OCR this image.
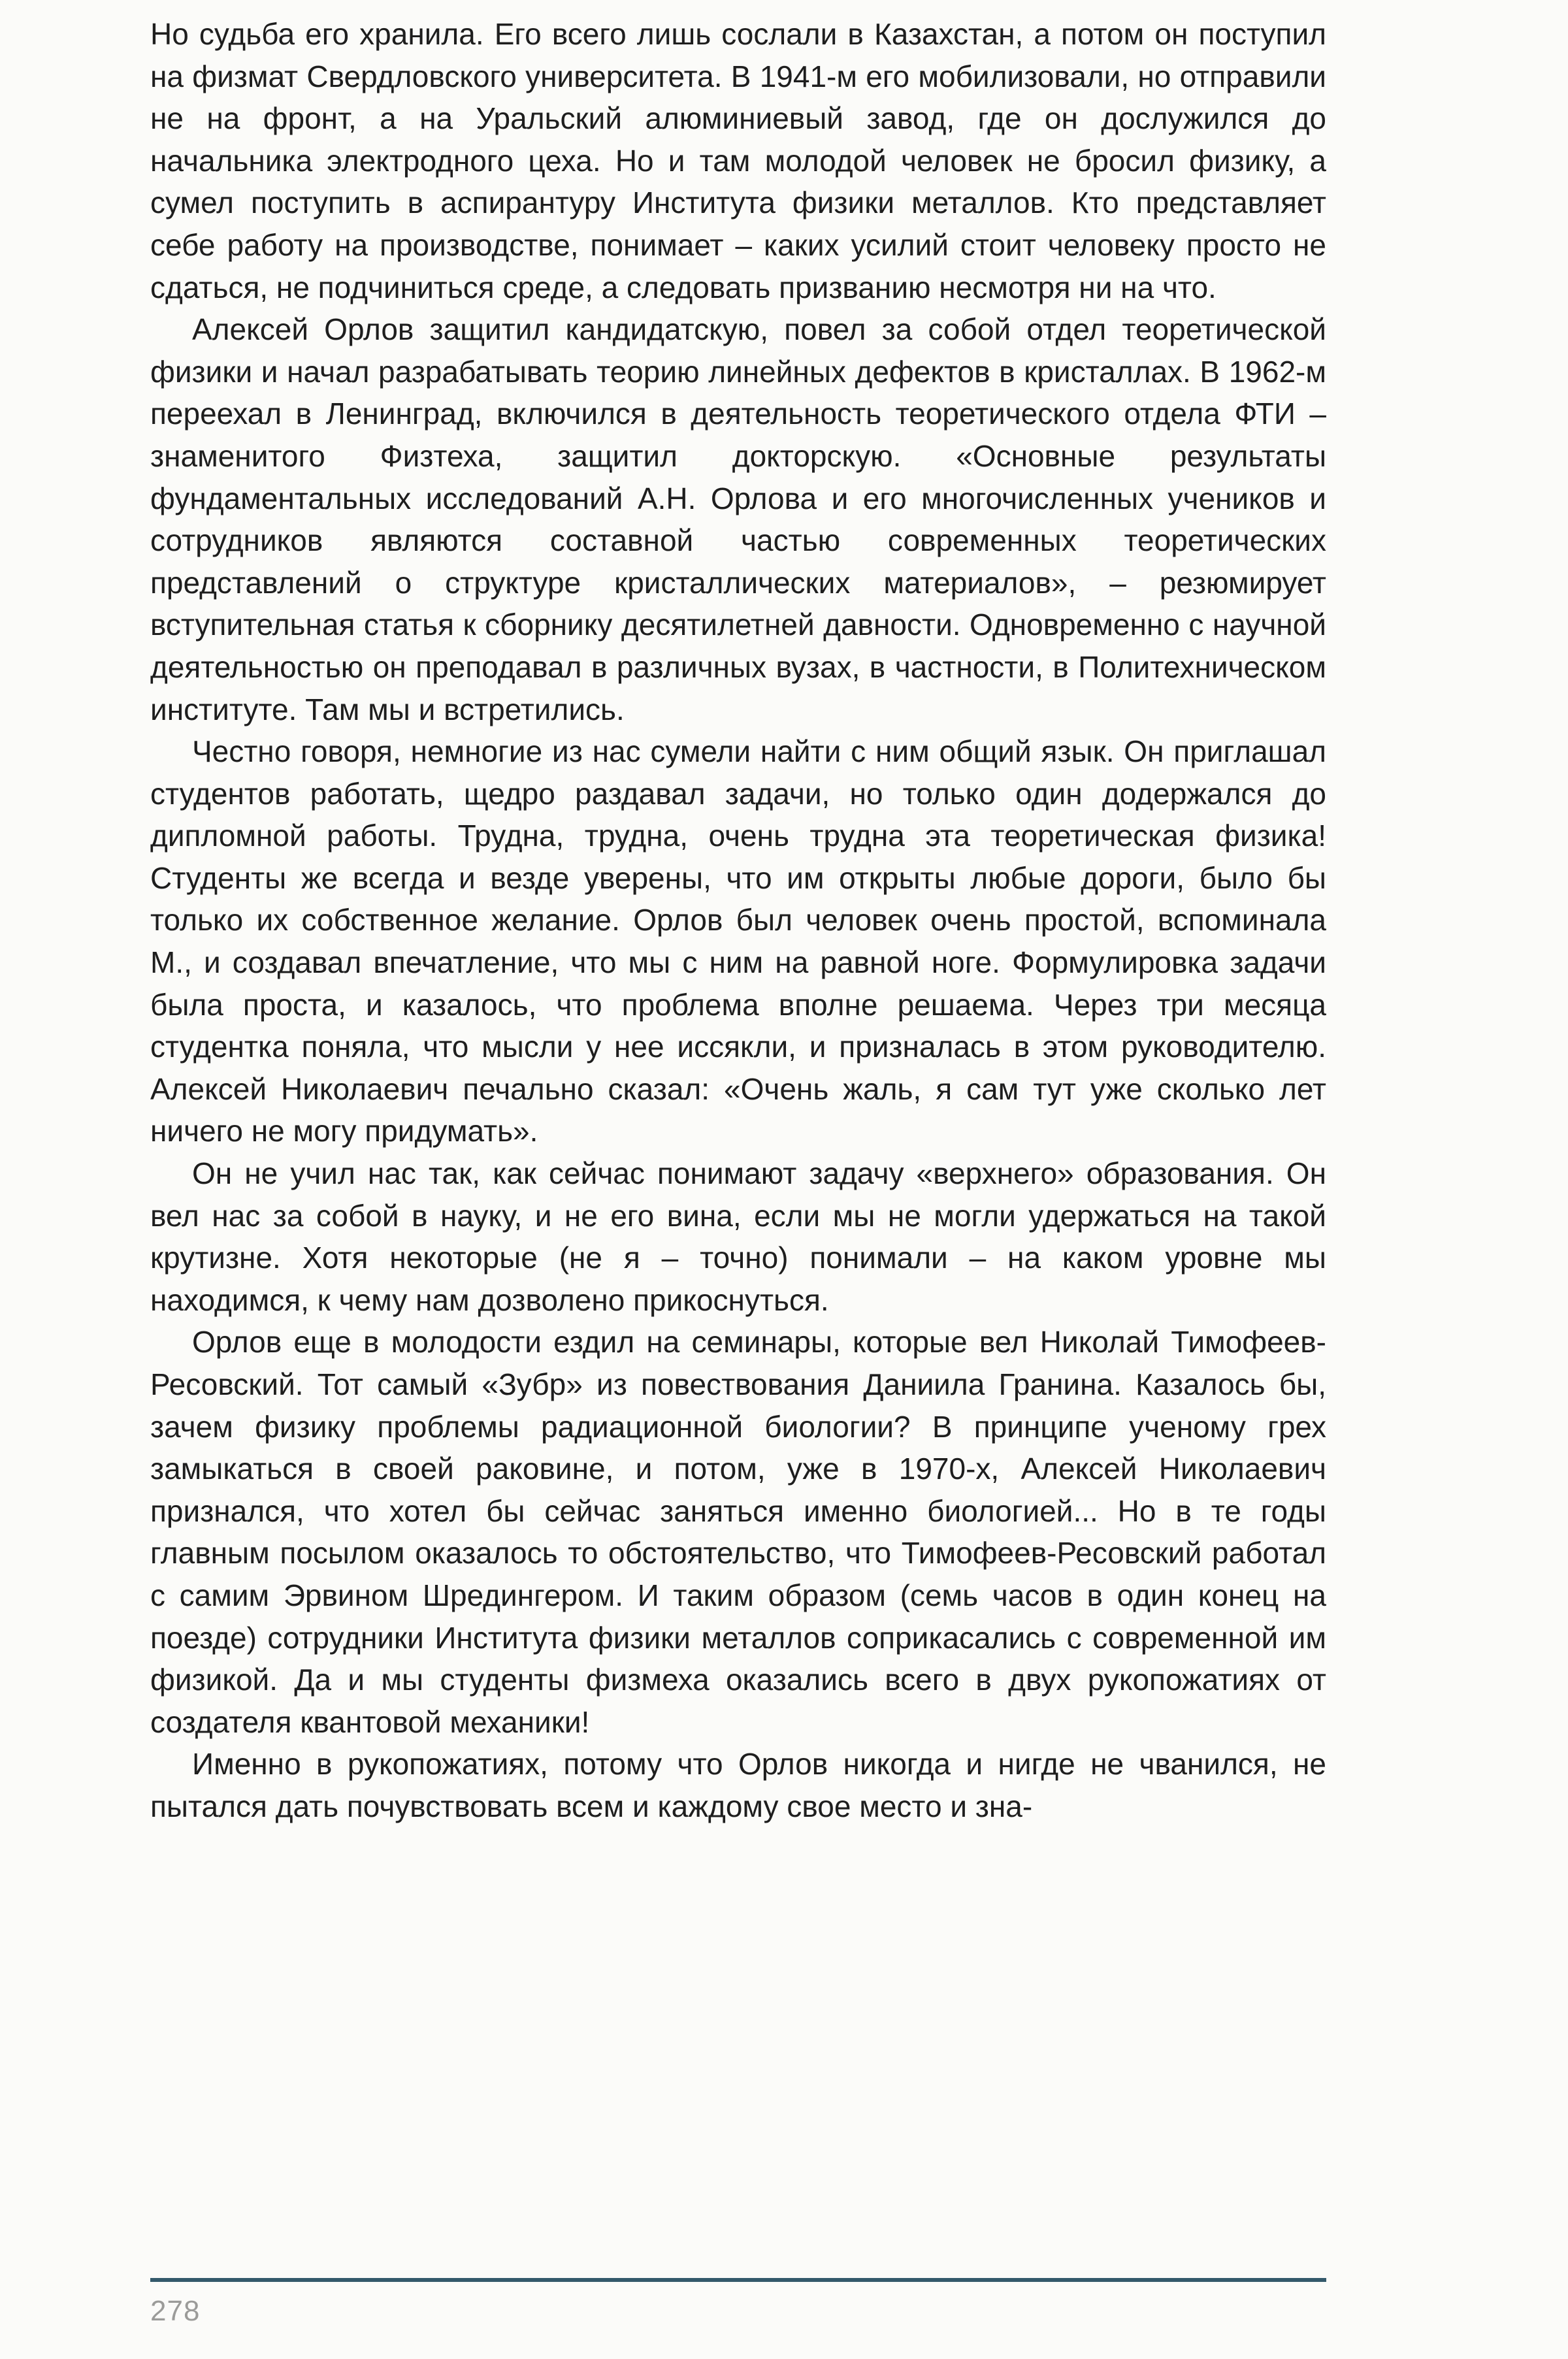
Но судьба его хранила. Его всего лишь сослали в Казахстан, а потом он поступил на физмат Свердловского университета. В 1941-м его мобилизовали, но отправили не на фронт, а на Уральский алюминиевый завод, где он дослужился до начальника электродного цеха. Но и там молодой человек не бросил физику, а сумел поступить в аспирантуру Института физики металлов. Кто представляет себе работу на производстве, понимает – каких усилий стоит человеку просто не сдаться, не подчиниться среде, а следовать призванию несмотря ни на что.

Алексей Орлов защитил кандидатскую, повел за собой отдел теоретической физики и начал разрабатывать теорию линейных дефектов в кристаллах. В 1962-м переехал в Ленинград, включился в деятельность теоретического отдела ФТИ – знаменитого Физтеха, защитил докторскую. «Основные результаты фундаментальных исследований А.Н. Орлова и его многочисленных учеников и сотрудников являются составной частью современных теоретических представлений о структуре кристаллических материалов», – резюмирует вступительная статья к сборнику десятилетней давности. Одновременно с научной деятельностью он преподавал в различных вузах, в частности, в Политехническом институте. Там мы и встретились.

Честно говоря, немногие из нас сумели найти с ним общий язык. Он приглашал студентов работать, щедро раздавал задачи, но только один додержался до дипломной работы. Трудна, трудна, очень трудна эта теоретическая физика! Студенты же всегда и везде уверены, что им открыты любые дороги, было бы только их собственное желание. Орлов был человек очень простой, вспоминала М., и создавал впечатление, что мы с ним на равной ноге. Формулировка задачи была проста, и казалось, что проблема вполне решаема. Через три месяца студентка поняла, что мысли у нее иссякли, и призналась в этом руководителю. Алексей Николаевич печально сказал: «Очень жаль, я сам тут уже сколько лет ничего не могу придумать».

Он не учил нас так, как сейчас понимают задачу «верхнего» образования. Он вел нас за собой в науку, и не его вина, если мы не могли удержаться на такой крутизне. Хотя некоторые (не я – точно) понимали – на каком уровне мы находимся, к чему нам дозволено прикоснуться.

Орлов еще в молодости ездил на семинары, которые вел Николай Тимофеев-Ресовский. Тот самый «Зубр» из повествования Даниила Гранина. Казалось бы, зачем физику проблемы радиационной биологии? В принципе ученому грех замыкаться в своей раковине, и потом, уже в 1970-х, Алексей Николаевич признался, что хотел бы сейчас заняться именно биологией... Но в те годы главным посылом оказалось то обстоятельство, что Тимофеев-Ресовский работал с самим Эрвином Шредингером. И таким образом (семь часов в один конец на поезде) сотрудники Института физики металлов соприкасались с современной им физикой. Да и мы студенты физмеха оказались всего в двух рукопожатиях от создателя квантовой механики!

Именно в рукопожатиях, потому что Орлов никогда и нигде не чванился, не пытался дать почувствовать всем и каждому свое место и зна-

278
